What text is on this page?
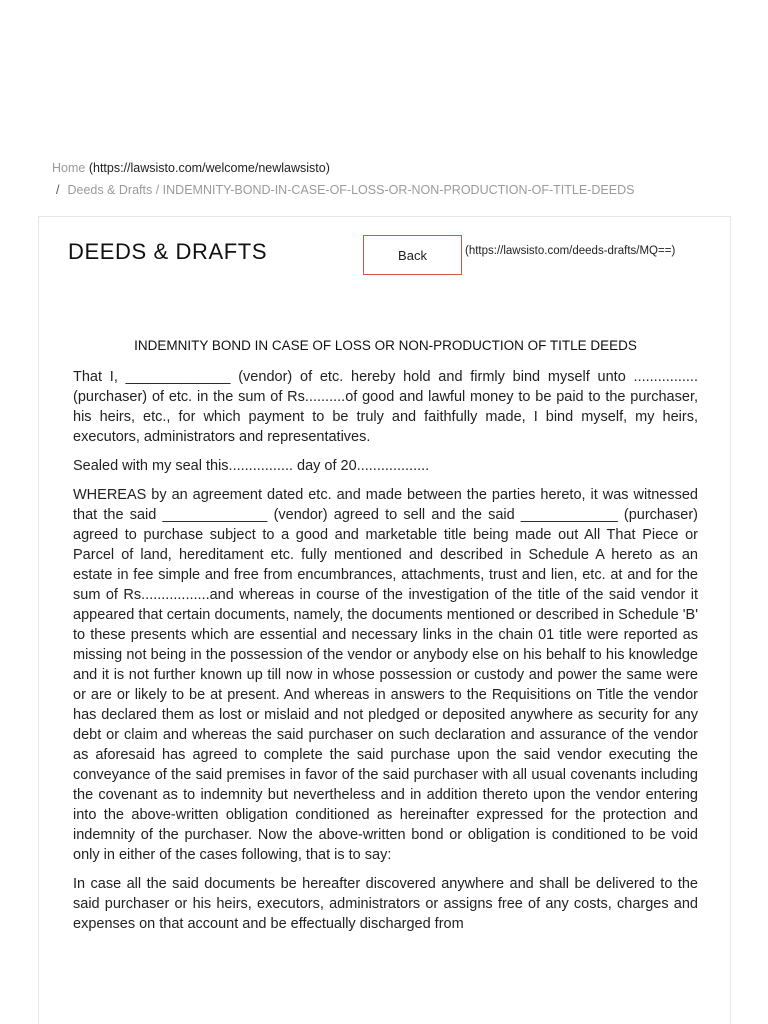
Home (https://lawsisto.com/welcome/newlawsisto)
/ Deeds & Drafts / INDEMNITY-BOND-IN-CASE-OF-LOSS-OR-NON-PRODUCTION-OF-TITLE-DEEDS
DEEDS & DRAFTS	Back	(https://lawsisto.com/deeds-drafts/MQ==)
INDEMNITY BOND IN CASE OF LOSS OR NON-PRODUCTION OF TITLE DEEDS

That I, _____________ (vendor) of etc. hereby hold and firmly bind myself unto ................ (purchaser) of etc. in the sum of Rs..........of good and lawful money to be paid to the purchaser, his heirs, etc., for which payment to be truly and faithfully made, I bind myself, my heirs, executors, administrators and representatives.

Sealed with my seal this................ day of 20..................

WHEREAS by an agreement dated etc. and made between the parties hereto, it was witnessed that the said _____________ (vendor) agreed to sell and the said ____________ (purchaser) agreed to purchase subject to a good and marketable title being made out All That Piece or Parcel of land, hereditament etc. fully mentioned and described in Schedule A hereto as an estate in fee simple and free from encumbrances, attachments, trust and lien, etc. at and for the sum of Rs.................and whereas in course of the investigation of the title of the said vendor it appeared that certain documents, namely, the documents mentioned or described in Schedule 'B' to these presents which are essential and necessary links in the chain 01 title were reported as missing not being in the possession of the vendor or anybody else on his behalf to his knowledge and it is not further known up till now in whose possession or custody and power the same were or are or likely to be at present. And whereas in answers to the Requisitions on Title the vendor has declared them as lost or mislaid and not pledged or deposited anywhere as security for any debt or claim and whereas the said purchaser on such declaration and assurance of the vendor as aforesaid has agreed to complete the said purchase upon the said vendor executing the conveyance of the said premises in favor of the said purchaser with all usual covenants including the covenant as to indemnity but nevertheless and in addition thereto upon the vendor entering into the above-written obligation conditioned as hereinafter expressed for the protection and indemnity of the purchaser. Now the above-written bond or obligation is conditioned to be void only in either of the cases following, that is to say:

In case all the said documents be hereafter discovered anywhere and shall be delivered to the said purchaser or his heirs, executors, administrators or assigns free of any costs, charges and expenses on that account and be effectually discharged from
